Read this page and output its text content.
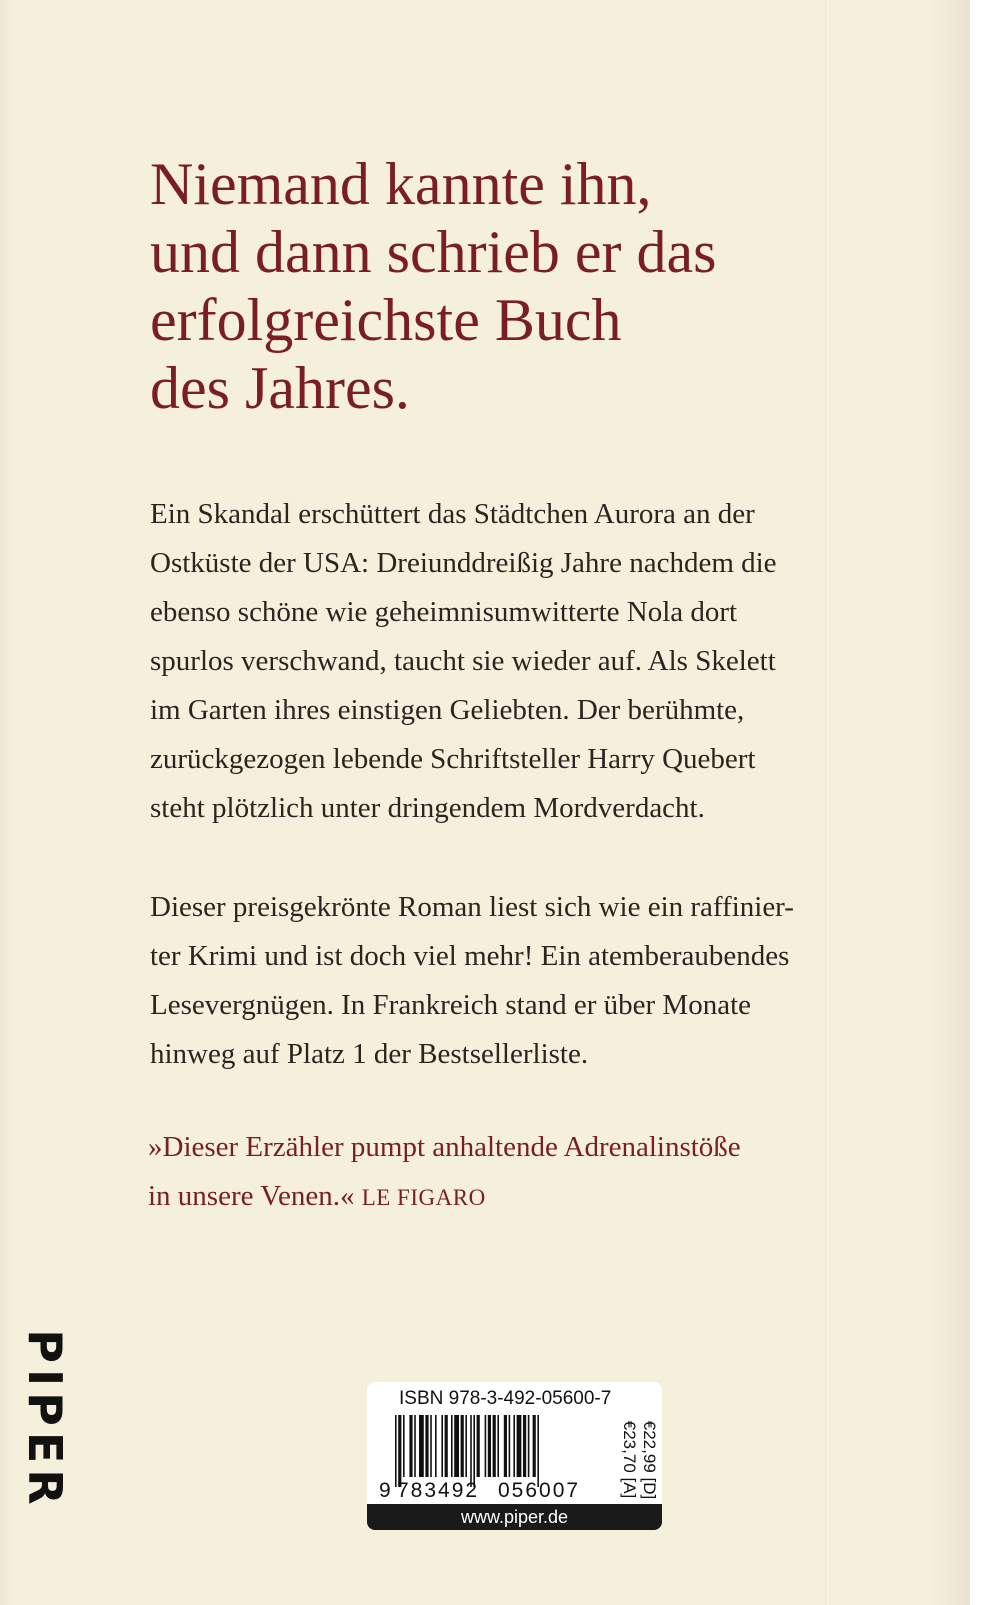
Niemand kannte ihn,
und dann schrieb er das
erfolgreichste Buch
des Jahres.

Ein Skandal erschüttert das Städtchen Aurora an der
Ostküste der USA: Dreiunddreißig Jahre nachdem die
ebenso schöne wie geheimnisumwitterte Nola dort
spurlos verschwand, taucht sie wieder auf. Als Skelett
im Garten ihres einstigen Geliebten. Der berühmte,
zurückgezogen lebende Schriftsteller Harry Quebert
steht plötzlich unter dringendem Mordverdacht.

Dieser preisgekrönte Roman liest sich wie ein raffinier-
ter Krimi und ist doch viel mehr! Ein atemberaubendes
Lesevergnügen. In Frankreich stand er über Monate
hinweg auf Platz 1 der Bestsellerliste.

»Dieser Erzähler pumpt anhaltende Adrenalinstöße
in unsere Venen.« LE FIGARO

PIPER	ISBN 978-3-492-05600-7
9 783492 056007	€22,99 [D]
€23,70 [A]
www.piper.de
